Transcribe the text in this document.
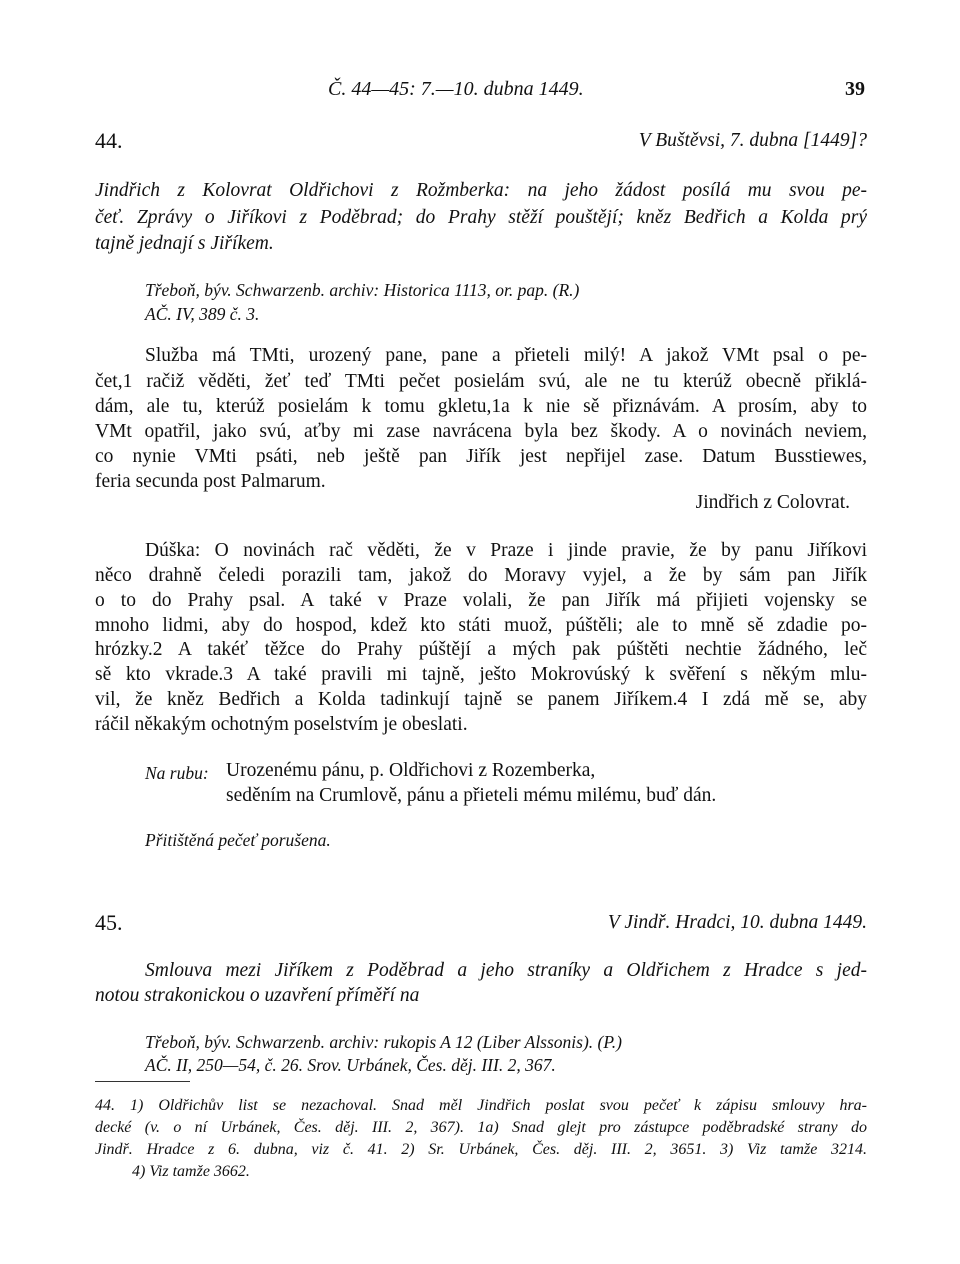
Č. 44—45: 7.—10. dubna 1449.	39
44.	V Buštěvsi, 7. dubna [1449]?
Jindřich z Kolovrat Oldřichovi z Rožmberka: na jeho žádost posílá mu svou pe-
čeť. Zprávy o Jiříkovi z Poděbrad; do Prahy stěží pouštějí; kněz Bedřich a Kolda prý
tajně jednají s Jiříkem.
Třeboň, býv. Schwarzenb. archiv: Historica 1113, or. pap. (R.)
AČ. IV, 389 č. 3.
Služba má TMti, urozený pane, pane a přieteli milý! A jakož VMt psal o pe-
čet,1 račiž věděti, žeť teď TMti pečet posielám svú, ale ne tu kterúž obecně přiklá-
dám, ale tu, kterúž posielám k tomu gkletu,1a k nie sě přiznávám. A prosím, aby to
VMt opatřil, jako svú, aťby mi zase navrácena byla bez škody. A o novinách neviem,
co nynie VMti psáti, neb ještě pan Jiřík jest nepřijel zase. Datum Busstiewes,
feria secunda post Palmarum.
Jindřich z Colovrat.
Dúška: O novinách rač věděti, že v Praze i jinde pravie, že by panu Jiříkovi
něco drahně čeledi porazili tam, jakož do Moravy vyjel, a že by sám pan Jiřík
o to do Prahy psal. A také v Praze volali, že pan Jiřík má přijieti vojensky se
mnoho lidmi, aby do hospod, kdež kto státi muož, púštěli; ale to mně sě zdadie po-
hrózky.2 A takéť těžce do Prahy púštějí a mých pak púštěti nechtie žádného, leč
sě kto vkrade.3 A také pravili mi tajně, ješto Mokrovúský k svěření s někým mlu-
vil, že kněz Bedřich a Kolda tadinkují tajně se panem Jiříkem.4 I zdá mě se, aby
ráčil někakým ochotným poselstvím je obeslati.
Na rubu: Urozenému pánu, p. Oldřichovi z Rozemberka,
seděním na Crumlově, pánu a přieteli mému milému, buď dán.
Přitištěná pečeť porušena.
45.	V Jindř. Hradci, 10. dubna 1449.
Smlouva mezi Jiříkem z Poděbrad a jeho straníky a Oldřichem z Hradce s jed-
notou strakonickou o uzavření příměří na
Třeboň, býv. Schwarzenb. archiv: rukopis A 12 (Liber Alssonis). (P.)
AČ. II, 250—54, č. 26. Srov. Urbánek, Čes. děj. III. 2, 367.
44. 1) Oldřichův list se nezachoval. Snad měl Jindřich poslat svou pečeť k zápisu smlouvy hra-
decké (v. o ní Urbánek, Čes. děj. III. 2, 367). 1a) Snad glejt pro zástupce poděbradské strany do
Jindř. Hradce z 6. dubna, viz č. 41. 2) Sr. Urbánek, Čes. děj. III. 2, 3651. 3) Viz tamže 3214.
4) Viz tamže 3662.
